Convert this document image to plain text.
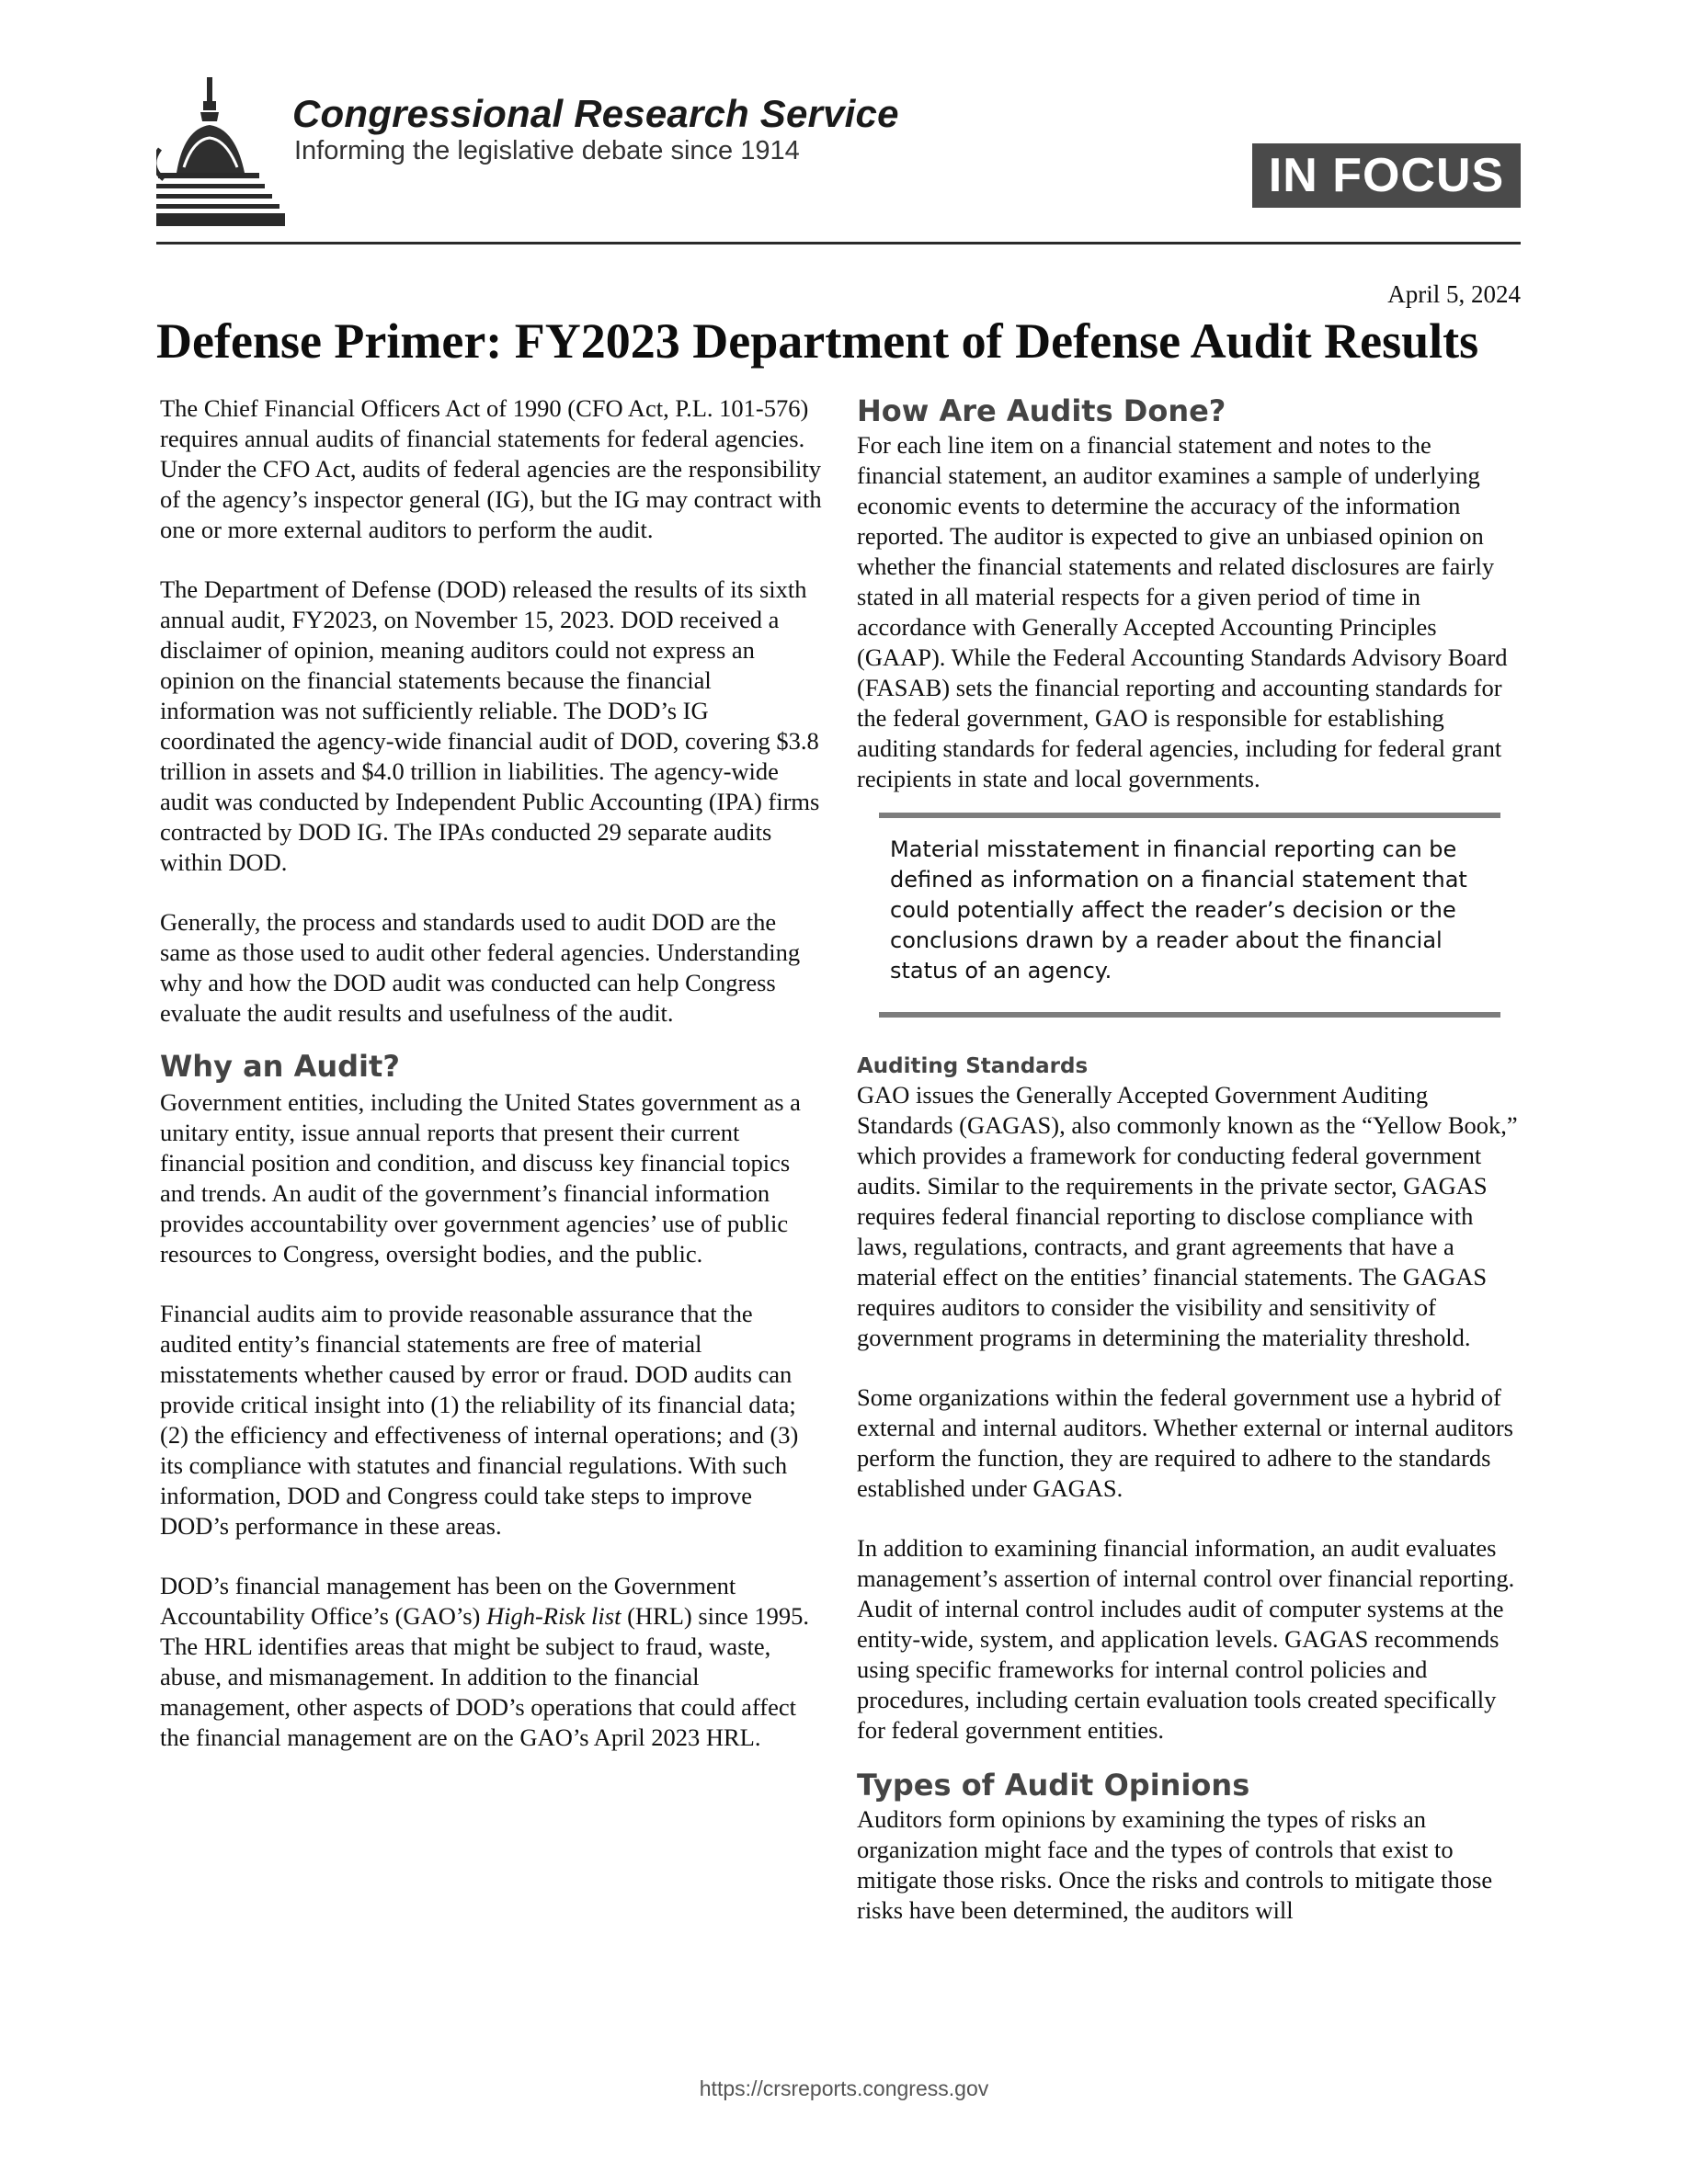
Congressional Research Service
Informing the legislative debate since 1914	IN FOCUS
April 5, 2024
Defense Primer: FY2023 Department of Defense Audit Results

The Chief Financial Officers Act of 1990 (CFO Act, P.L. 101-576) requires annual audits of financial statements for federal agencies. Under the CFO Act, audits of federal agencies are the responsibility of the agency’s inspector general (IG), but the IG may contract with one or more external auditors to perform the audit.

The Department of Defense (DOD) released the results of its sixth annual audit, FY2023, on November 15, 2023. DOD received a disclaimer of opinion, meaning auditors could not express an opinion on the financial statements because the financial information was not sufficiently reliable. The DOD’s IG coordinated the agency-wide financial audit of DOD, covering $3.8 trillion in assets and $4.0 trillion in liabilities. The agency-wide audit was conducted by Independent Public Accounting (IPA) firms contracted by DOD IG. The IPAs conducted 29 separate audits within DOD.

Generally, the process and standards used to audit DOD are the same as those used to audit other federal agencies. Understanding why and how the DOD audit was conducted can help Congress evaluate the audit results and usefulness of the audit.

Why an Audit?

Government entities, including the United States government as a unitary entity, issue annual reports that present their current financial position and condition, and discuss key financial topics and trends. An audit of the government’s financial information provides accountability over government agencies’ use of public resources to Congress, oversight bodies, and the public.

Financial audits aim to provide reasonable assurance that the audited entity’s financial statements are free of material misstatements whether caused by error or fraud. DOD audits can provide critical insight into (1) the reliability of its financial data; (2) the efficiency and effectiveness of internal operations; and (3) its compliance with statutes and financial regulations. With such information, DOD and Congress could take steps to improve DOD’s performance in these areas.

DOD’s financial management has been on the Government Accountability Office’s (GAO’s) High-Risk list (HRL) since 1995. The HRL identifies areas that might be subject to fraud, waste, abuse, and mismanagement. In addition to the financial management, other aspects of DOD’s operations that could affect the financial management are on the GAO’s April 2023 HRL.

How Are Audits Done?

For each line item on a financial statement and notes to the financial statement, an auditor examines a sample of underlying economic events to determine the accuracy of the information reported. The auditor is expected to give an unbiased opinion on whether the financial statements and related disclosures are fairly stated in all material respects for a given period of time in accordance with Generally Accepted Accounting Principles (GAAP). While the Federal Accounting Standards Advisory Board (FASAB) sets the financial reporting and accounting standards for the federal government, GAO is responsible for establishing auditing standards for federal agencies, including for federal grant recipients in state and local governments.

Material misstatement in financial reporting can be defined as information on a financial statement that could potentially affect the reader’s decision or the conclusions drawn by a reader about the financial status of an agency.

Auditing Standards

GAO issues the Generally Accepted Government Auditing Standards (GAGAS), also commonly known as the “Yellow Book,” which provides a framework for conducting federal government audits. Similar to the requirements in the private sector, GAGAS requires federal financial reporting to disclose compliance with laws, regulations, contracts, and grant agreements that have a material effect on the entities’ financial statements. The GAGAS requires auditors to consider the visibility and sensitivity of government programs in determining the materiality threshold.

Some organizations within the federal government use a hybrid of external and internal auditors. Whether external or internal auditors perform the function, they are required to adhere to the standards established under GAGAS.

In addition to examining financial information, an audit evaluates management’s assertion of internal control over financial reporting. Audit of internal control includes audit of computer systems at the entity-wide, system, and application levels. GAGAS recommends using specific frameworks for internal control policies and procedures, including certain evaluation tools created specifically for federal government entities.

Types of Audit Opinions

Auditors form opinions by examining the types of risks an organization might face and the types of controls that exist to mitigate those risks. Once the risks and controls to mitigate those risks have been determined, the auditors will

https://crsreports.congress.gov
